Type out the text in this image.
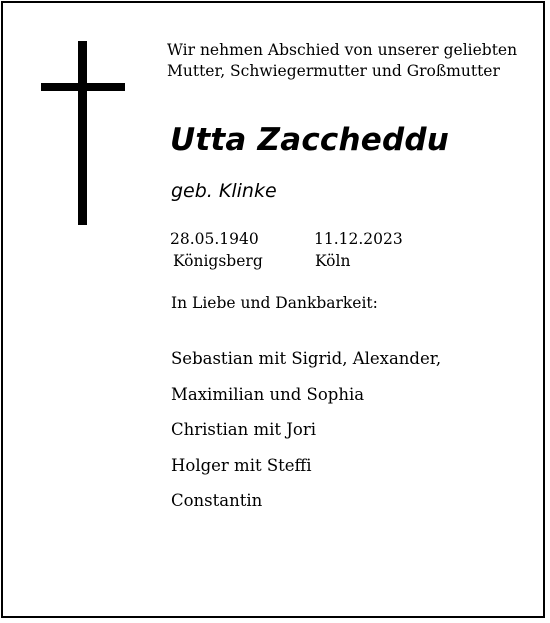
Wir nehmen Abschied von unserer geliebten
Mutter, Schwiegermutter und Großmutter
Utta Zaccheddu
geb. Klinke
28.05.1940	11.12.2023
Königsberg	Köln
In Liebe und Dankbarkeit:
Sebastian mit Sigrid, Alexander,
Maximilian und Sophia
Christian mit Jori
Holger mit Steffi
Constantin
